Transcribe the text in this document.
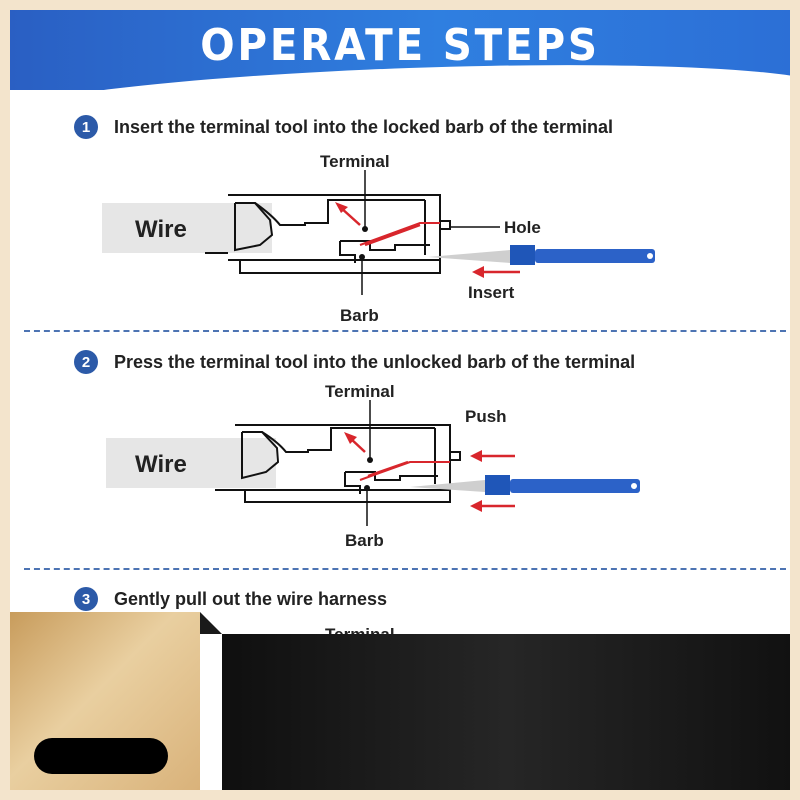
OPERATE STEPS
1	Insert the terminal tool into the locked barb of the terminal
Wire
Terminal
Hole
Barb
Insert
2	Press the terminal tool into the unlocked barb of the terminal
Wire
Terminal
Push
Barb
3	Gently pull out the wire harness
